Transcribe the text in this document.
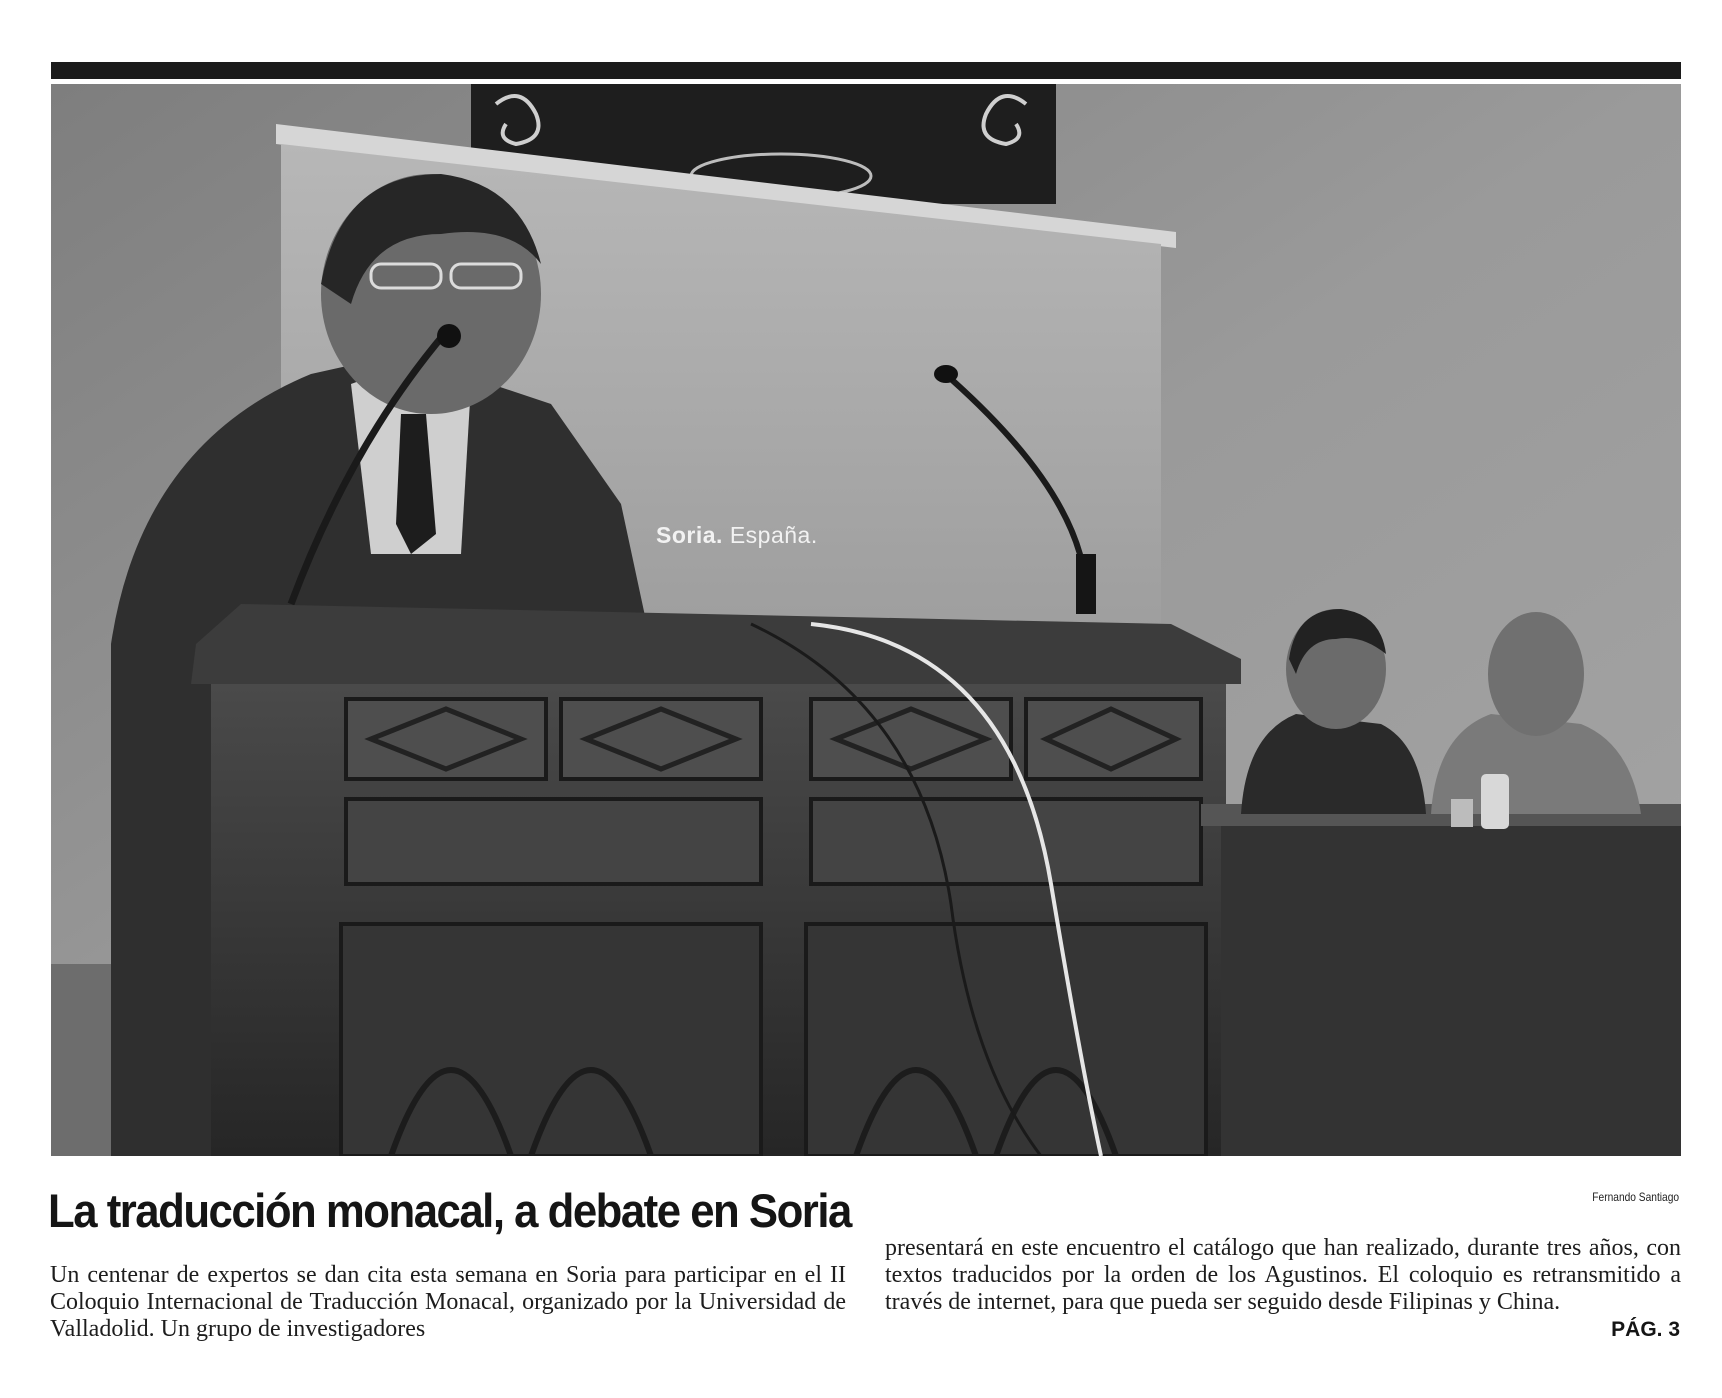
Soria. España.
La traducción monacal, a debate en Soria	Fernando Santiago
Un centenar de expertos se dan cita esta semana en Soria para participar en el II Coloquio Internacional de Traducción Monacal, organizado por la Universidad de Valladolid. Un grupo de investigadores
presentará en este encuentro el catálogo que han realizado, durante tres años, con textos traducidos por la orden de los Agustinos. El coloquio es retransmitido a través de internet, para que pueda ser seguido desde Filipinas y China.
PÁG. 3
